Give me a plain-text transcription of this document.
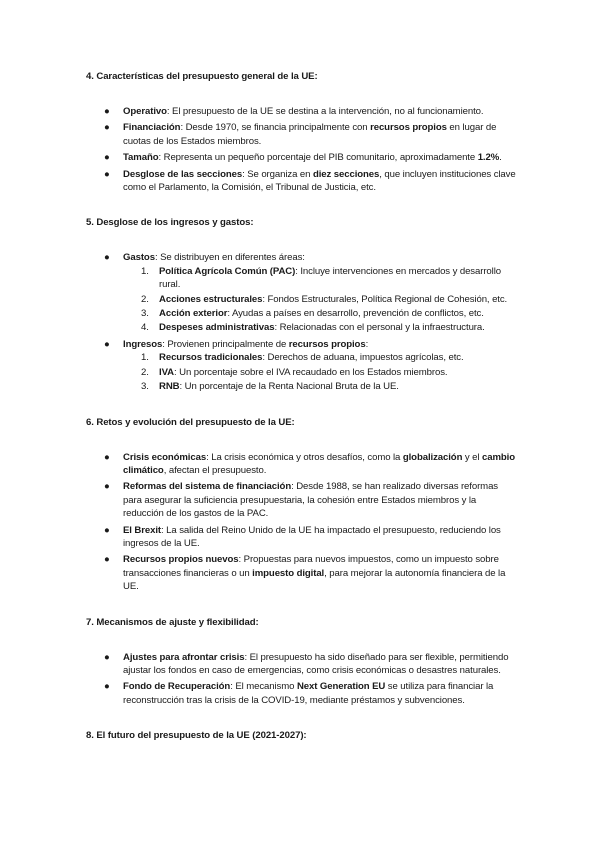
4. Características del presupuesto general de la UE:
● Operativo: El presupuesto de la UE se destina a la intervención, no al funcionamiento.
● Financiación: Desde 1970, se financia principalmente con recursos propios en lugar de cuotas de los Estados miembros.
● Tamaño: Representa un pequeño porcentaje del PIB comunitario, aproximadamente 1.2%.
● Desglose de las secciones: Se organiza en diez secciones, que incluyen instituciones clave como el Parlamento, la Comisión, el Tribunal de Justicia, etc.
5. Desglose de los ingresos y gastos:
● Gastos: Se distribuyen en diferentes áreas:
1. Política Agrícola Común (PAC): Incluye intervenciones en mercados y desarrollo rural.
2. Acciones estructurales: Fondos Estructurales, Política Regional de Cohesión, etc.
3. Acción exterior: Ayudas a países en desarrollo, prevención de conflictos, etc.
4. Despeses administrativas: Relacionadas con el personal y la infraestructura.
● Ingresos: Provienen principalmente de recursos propios:
1. Recursos tradicionales: Derechos de aduana, impuestos agrícolas, etc.
2. IVA: Un porcentaje sobre el IVA recaudado en los Estados miembros.
3. RNB: Un porcentaje de la Renta Nacional Bruta de la UE.
6. Retos y evolución del presupuesto de la UE:
● Crisis económicas: La crisis económica y otros desafíos, como la globalización y el cambio climático, afectan el presupuesto.
● Reformas del sistema de financiación: Desde 1988, se han realizado diversas reformas para asegurar la suficiencia presupuestaria, la cohesión entre Estados miembros y la reducción de los gastos de la PAC.
● El Brexit: La salida del Reino Unido de la UE ha impactado el presupuesto, reduciendo los ingresos de la UE.
● Recursos propios nuevos: Propuestas para nuevos impuestos, como un impuesto sobre transacciones financieras o un impuesto digital, para mejorar la autonomía financiera de la UE.
7. Mecanismos de ajuste y flexibilidad:
● Ajustes para afrontar crisis: El presupuesto ha sido diseñado para ser flexible, permitiendo ajustar los fondos en caso de emergencias, como crisis económicas o desastres naturales.
● Fondo de Recuperación: El mecanismo Next Generation EU se utiliza para financiar la reconstrucción tras la crisis de la COVID-19, mediante préstamos y subvenciones.
8. El futuro del presupuesto de la UE (2021-2027):
